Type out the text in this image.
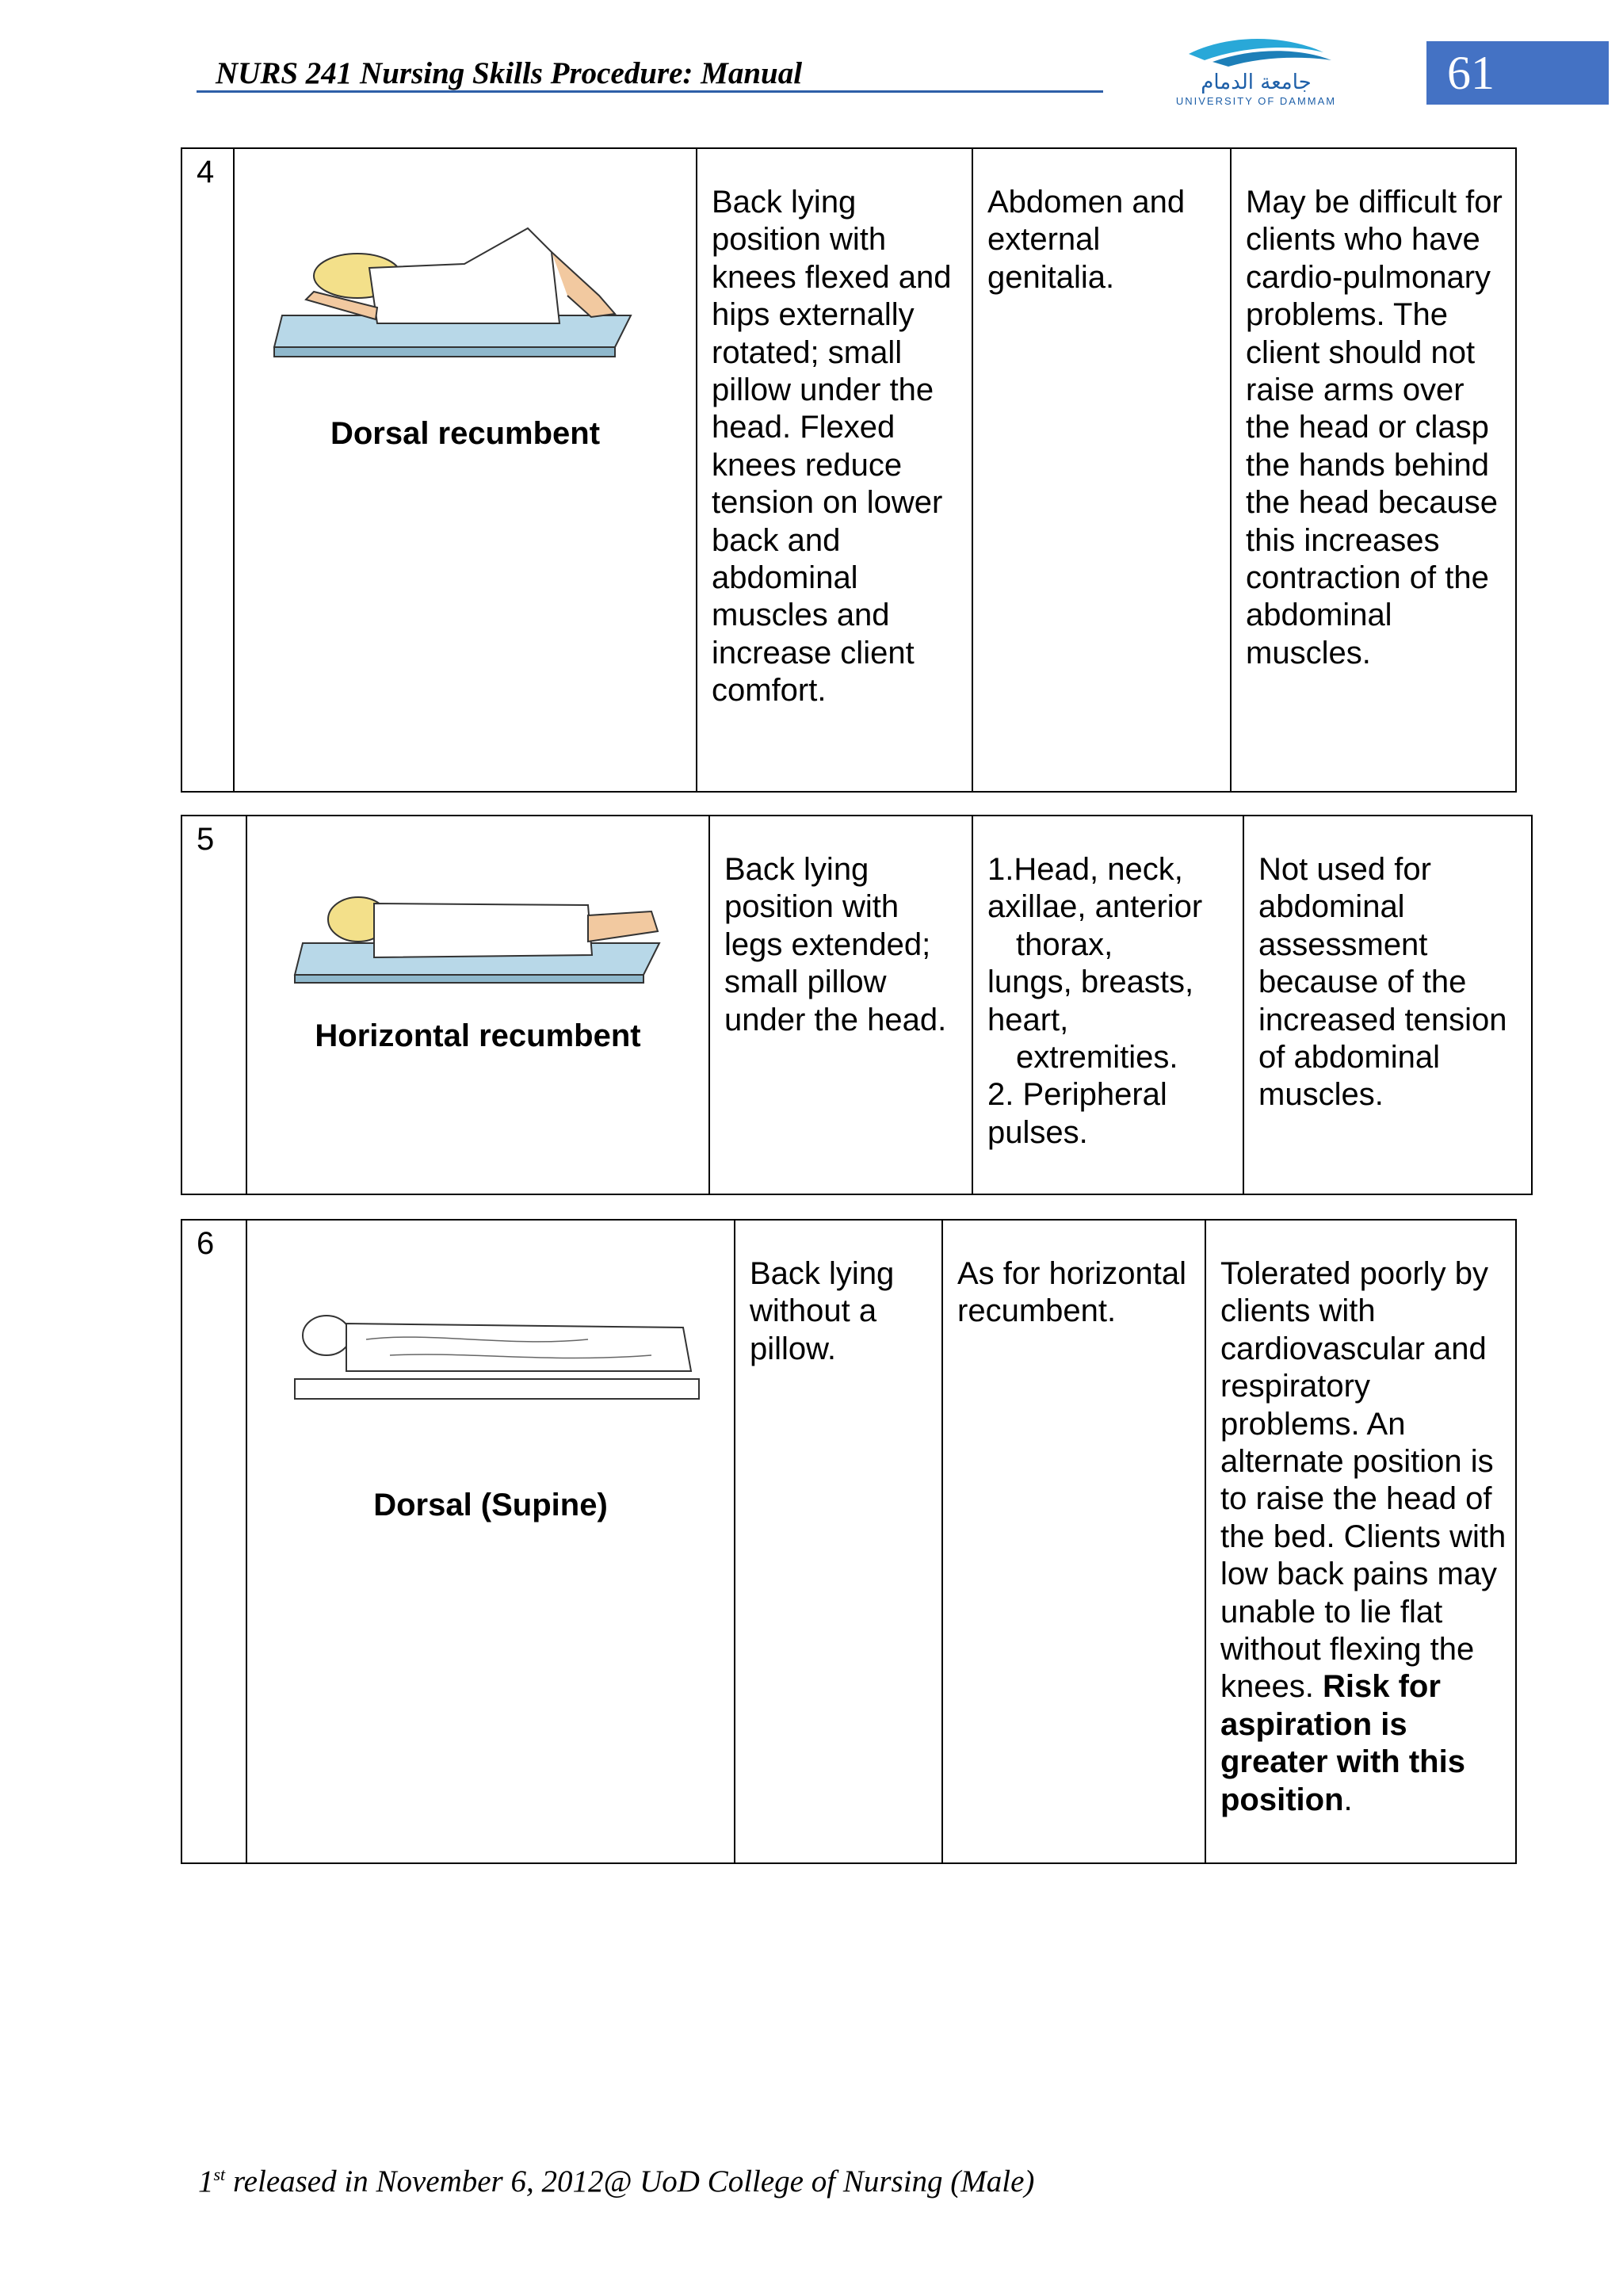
NURS 241 Nursing Skills Procedure: Manual	جامعة الدمام
UNIVERSITY OF DAMMAM
61
4	
Dorsal recumbent
	Back lying position with knees flexed and hips externally rotated; small pillow under the head. Flexed knees reduce tension on lower back and abdominal muscles and increase client comfort.	Abdomen and external genitalia.	May be difficult for clients who have cardio-pulmonary problems. The client should not raise arms over the head or clasp the hands behind the head because this increases contraction of the abdominal muscles.
5	
Horizontal recumbent
	Back lying position with legs extended; small pillow under the head.	1.Head, neck, axillae, anterior
thorax,
lungs, breasts, heart,
extremities.
2. Peripheral pulses.	Not used for abdominal assessment because of the increased tension of abdominal muscles.
6	
Dorsal (Supine)
	Back lying without a pillow.	As for horizontal recumbent.	Tolerated poorly by clients with cardiovascular and respiratory problems. An alternate position is to raise the head of the bed. Clients with low back pains may unable to lie flat without flexing the knees. Risk for aspiration is greater with this position.
1st released in November 6, 2012@ UoD College of Nursing (Male)
